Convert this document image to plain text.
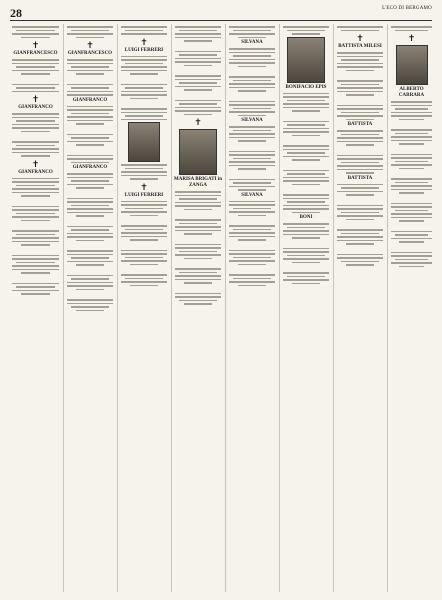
28	L'ECO DI BERGAMO
✝
GIANFRANCESCO
✝
GIANFRANCO
✝
GIANFRANCO
✝
GIANFRANCESCO
GIANFRANCO
GIANFRANCO
✝
LUIGI FERRERI
✝
LUIGI FERRERI
✝
MARISA BRIGATI in ZANGA
SILVANA
SILVANA
SILVANA
BONIFACIO EPIS
BONI
✝
BATTISTA MILESI
BATTISTA
BATTISTA
✝
ALBERTO CARRARA
